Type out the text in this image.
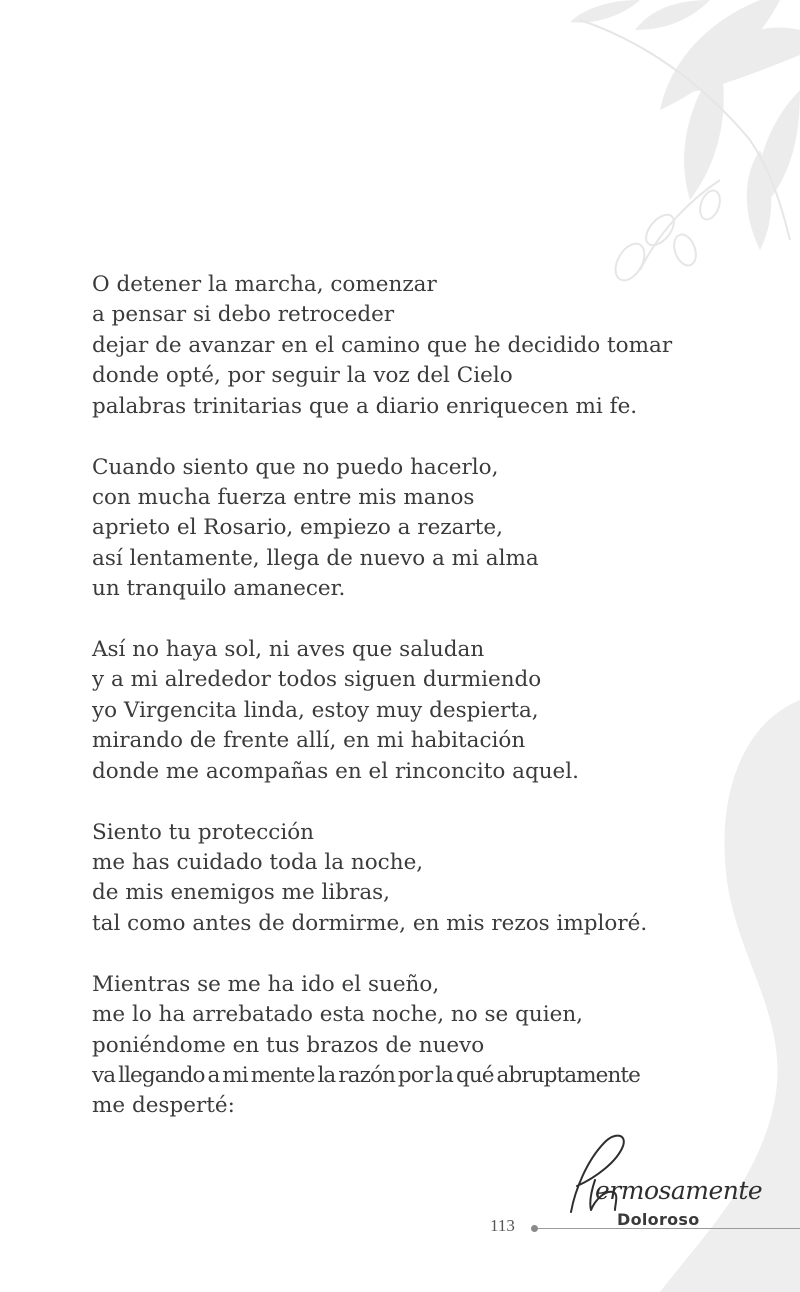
O detener la marcha, comenzar
a pensar si debo retroceder
dejar de avanzar en el camino que he decidido tomar
donde opté, por seguir la voz del Cielo
palabras trinitarias que a diario enriquecen mi fe.
Cuando siento que no puedo hacerlo,
con mucha fuerza entre mis manos
aprieto el Rosario, empiezo a rezarte,
así lentamente, llega de nuevo a mi alma
un tranquilo amanecer.
Así no haya sol, ni aves que saludan
y a mi alrededor todos siguen durmiendo
yo Virgencita linda, estoy muy despierta,
mirando de frente allí, en mi habitación
donde me acompañas en el rinconcito aquel.
Siento tu protección
me has cuidado toda la noche,
de mis enemigos me libras,
tal como antes de dormirme, en mis rezos imploré.
Mientras se me ha ido el sueño,
me lo ha arrebatado esta noche, no se quien,
poniéndome en tus brazos de nuevo
va llegando a mi mente la razón por la qué abruptamente
me desperté:
113
ermosamente
Doloroso
